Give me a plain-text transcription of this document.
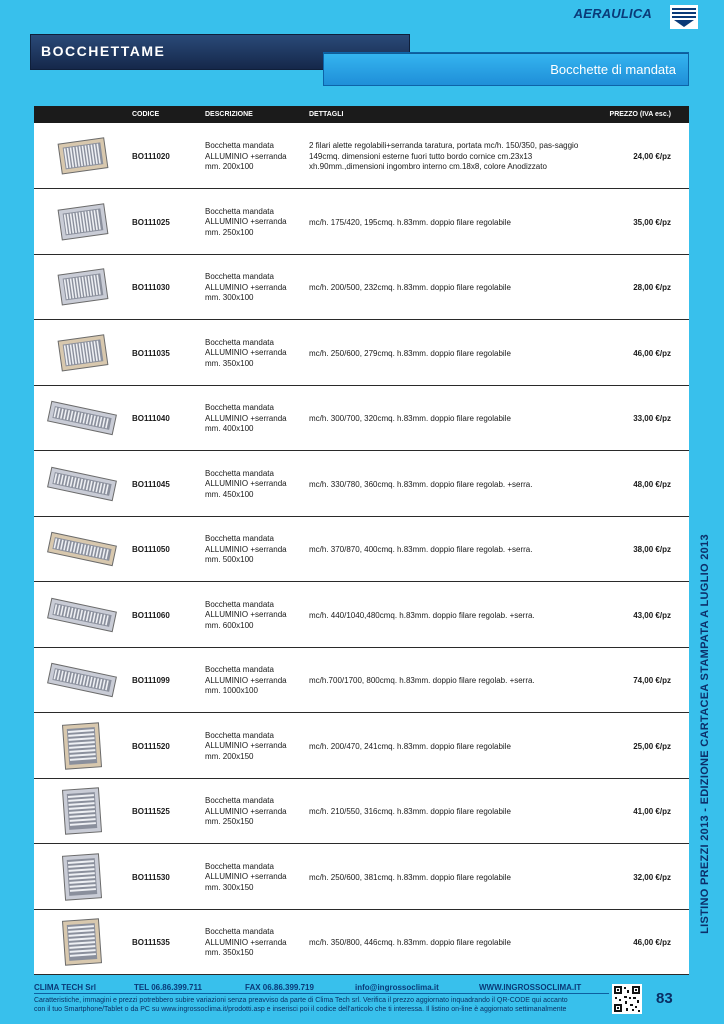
AERAULICA
BOCCHETTAME
Bocchette di mandata
CODICE	DESCRIZIONE	DETTAGLI	PREZZO (IVA esc.)
BO111020
Bocchetta mandata
ALLUMINIO +serranda
mm. 200x100
2 filari alette regolabili+serranda taratura, portata mc/h. 150/350, pas-saggio 149cmq. dimensioni esterne fuori tutto bordo cornice cm.23x13 xh.90mm.,dimensioni ingombro interno cm.18x8, colore Anodizzato
24,00 €/pz
BO111025
Bocchetta mandata
ALLUMINIO +serranda
mm. 250x100
mc/h. 175/420, 195cmq. h.83mm. doppio filare regolabile	35,00 €/pz
BO111030
Bocchetta mandata
ALLUMINIO +serranda
mm. 300x100
mc/h. 200/500, 232cmq. h.83mm. doppio filare regolabile	28,00 €/pz
BO111035
Bocchetta mandata
ALLUMINIO +serranda
mm. 350x100
mc/h. 250/600, 279cmq. h.83mm. doppio filare regolabile	46,00 €/pz
BO111040
Bocchetta mandata
ALLUMINIO +serranda
mm. 400x100
mc/h. 300/700, 320cmq. h.83mm. doppio filare regolabile	33,00 €/pz
BO111045
Bocchetta mandata
ALLUMINIO +serranda
mm. 450x100
mc/h. 330/780, 360cmq. h.83mm. doppio filare regolab. +serra.	48,00 €/pz
BO111050
Bocchetta mandata
ALLUMINIO +serranda
mm. 500x100
mc/h. 370/870, 400cmq. h.83mm. doppio filare regolab. +serra.	38,00 €/pz
BO111060
Bocchetta mandata
ALLUMINIO +serranda
mm. 600x100
mc/h. 440/1040,480cmq. h.83mm. doppio filare regolab. +serra.	43,00 €/pz
BO111099
Bocchetta mandata
ALLUMINIO +serranda
mm. 1000x100
mc/h.700/1700, 800cmq. h.83mm. doppio filare regolab. +serra.	74,00 €/pz
BO111520
Bocchetta mandata
ALLUMINIO +serranda
mm. 200x150
mc/h. 200/470, 241cmq. h.83mm. doppio filare regolabile	25,00 €/pz
BO111525
Bocchetta mandata
ALLUMINIO +serranda
mm. 250x150
mc/h. 210/550, 316cmq. h.83mm. doppio filare regolabile	41,00 €/pz
BO111530
Bocchetta mandata
ALLUMINIO +serranda
mm. 300x150
mc/h. 250/600, 381cmq. h.83mm. doppio filare regolabile	32,00 €/pz
BO111535
Bocchetta mandata
ALLUMINIO +serranda
mm. 350x150
mc/h. 350/800, 446cmq. h.83mm. doppio filare regolabile	46,00 €/pz
LISTINO PREZZI 2013 - EDIZIONE CARTACEA STAMPATA A LUGLIO 2013
CLIMA TECH Srl	TEL 06.86.399.711	FAX 06.86.399.719	info@ingrossoclima.it	WWW.INGROSSOCLIMA.IT
Caratteristiche, immagini e prezzi potrebbero subire variazioni senza preavviso da parte di Clima Tech srl. Verifica il prezzo aggiornato inquadrando il QR-CODE qui accanto
con il tuo Smartphone/Tablet o da PC su www.ingrossoclima.it/prodotti.asp e inserisci poi il codice dell'articolo che ti interessa. Il listino on-line è aggiornato settimanalmente
83
